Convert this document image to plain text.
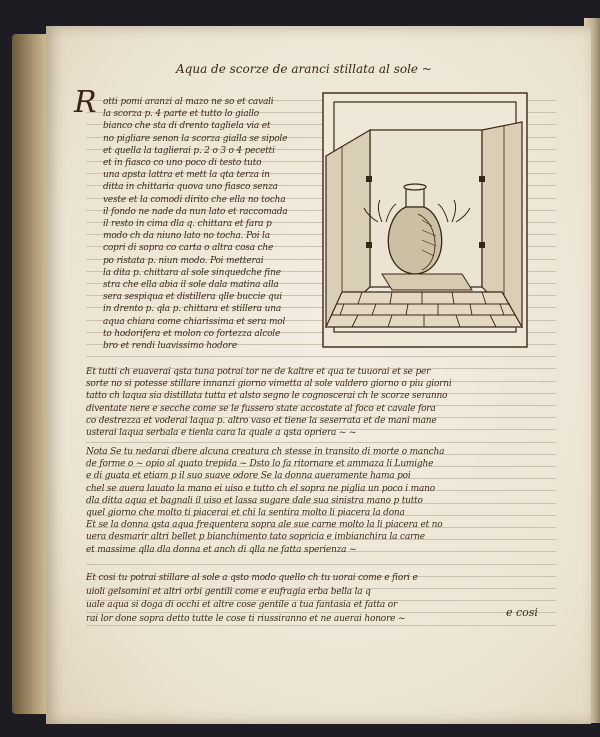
Aqua de scorze de aranci stillata al sole ~
R otti pomi aranzi al mazo ne so et cavali
la scorza p. 4 parte et tutto lo giallo
bianco che sta di drento tagliela via et
no pigliare senon la scorza gialla se sipole
et quella la taglierai p. 2 o 3 o 4 pecetti
et in fiasco co uno poco di testo tuto
una apsta lattra et mett la qta terza in
ditta in chittaria quova uno fiasco senza
veste et la comodi dirito che ella no tocha
il fondo ne nade da nun lato et raccomada
il resto in cima dla q. chittara et fara p
modo ch da niuno lato no tocha. Poi la
copri di sopra co carta o altra cosa che
po ristata p. niun modo. Poi metterai
la dita p. chittara al sole sinquedche fine
stra che ella abia il sole dala matina alla
sera sespiqua et distillera qlle buccie qui
in drento p. qla p. chittara et stillera una
aqua chiara come chiarissima et sera mol
to hodorifera et molon co fortezza alcole
bro et rendi luavissimo hodore
Et tutti ch euaverai qsta tuna potrai tor ne de kaltre et qua te tuuorai et se per
sorte no si potesse stillare innanzi giorno vimetta al sole valdero giorno o piu giorni
tatto ch laqua sia distillata tutta et alsto segno le cognoscerai ch le scorze seranno
diventate nere e secche come se le fussero state accostate al foco et cavale fora
co destrezza et voderai laqua p. altro vaso et tiene la seserrata et de mani mane
usterai laqua serbala e tienla cara la quale a qsta opriera ~ ~
Nota Se tu nedarai dbere alcuna creatura ch stesse in transito di morte o mancha
de forme o ~ opio al quato trepida ~ Dsto lo fa ritornare et ammaza li Lumighe
e di guata et etiam p il suo suave odore Se la donna aueramente hama poi
chel se auera lauato la mano ei uiso e tutto ch el sopra ne piglia un poco i mano
dla ditta aqua et bagnali il uiso et lassa sugare dale sua sinistra mano p tutto
quel giorno che molto ti piacerai et chi la sentira molto li piacera la dona
Et se la donna qsta aqua frequentera sopra ale sue carne molto la li piacera et no
uera desmarir altri bellet p bianchimento tato sopricia e imbianchira la carne
et massime qlla dla donna et anch di qlla ne fatta sperienza ~
Et cosi tu potrai stillare al sole a qsto modo quello ch tu uorai come e fiori e
uioli gelsomini et altri orbi gentili come e eufragia erba bella la q
uale aqua si doga di occhi et altre cose gentile a tua fantasia et fatta or
rai lor done sopra detto tutte le cose ti riussiranno et ne auerai honore ~	e cosi
